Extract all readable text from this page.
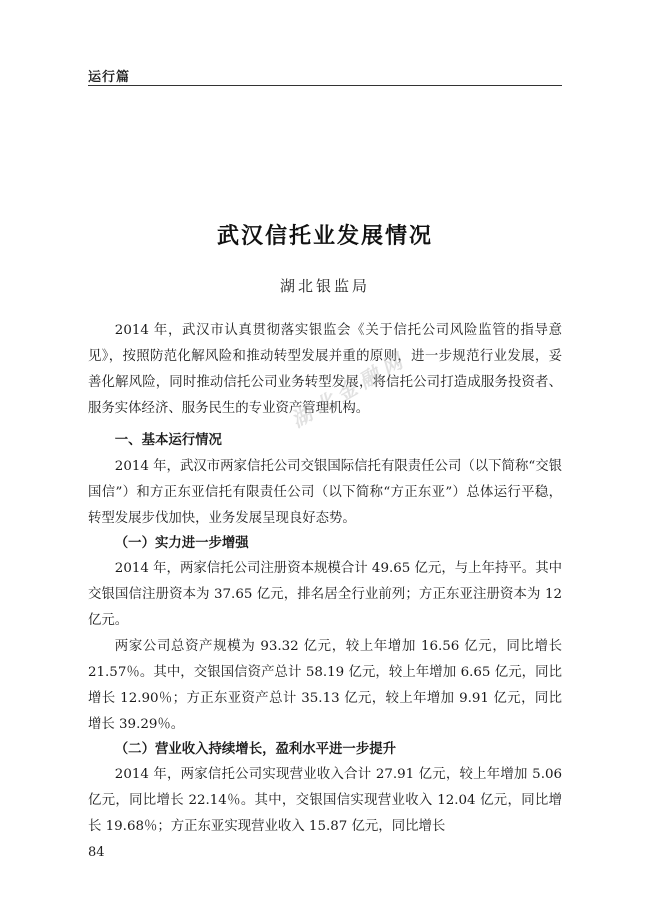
运行篇
武汉信托业发展情况
湖北银监局

2014 年，武汉市认真贯彻落实银监会《关于信托公司风险监管的指导意见》，按照防范化解风险和推动转型发展并重的原则，进一步规范行业发展，妥善化解风险，同时推动信托公司业务转型发展，将信托公司打造成服务投资者、服务实体经济、服务民生的专业资产管理机构。

一、基本运行情况

2014 年，武汉市两家信托公司交银国际信托有限责任公司（以下简称“交银国信”）和方正东亚信托有限责任公司（以下简称“方正东亚”）总体运行平稳，转型发展步伐加快，业务发展呈现良好态势。

（一）实力进一步增强

2014 年，两家信托公司注册资本规模合计 49.65 亿元，与上年持平。其中交银国信注册资本为 37.65 亿元，排名居全行业前列；方正东亚注册资本为 12 亿元。

两家公司总资产规模为 93.32 亿元，较上年增加 16.56 亿元，同比增长 21.57％。其中，交银国信资产总计 58.19 亿元，较上年增加 6.65 亿元，同比增长 12.90％；方正东亚资产总计 35.13 亿元，较上年增加 9.91 亿元，同比增长 39.29％。

（二）营业收入持续增长，盈利水平进一步提升

2014 年，两家信托公司实现营业收入合计 27.91 亿元，较上年增加 5.06亿元，同比增长 22.14％。其中，交银国信实现营业收入 12.04 亿元，同比增长 19.68％；方正东亚实现营业收入 15.87 亿元，同比增长

湖北金融网
84
